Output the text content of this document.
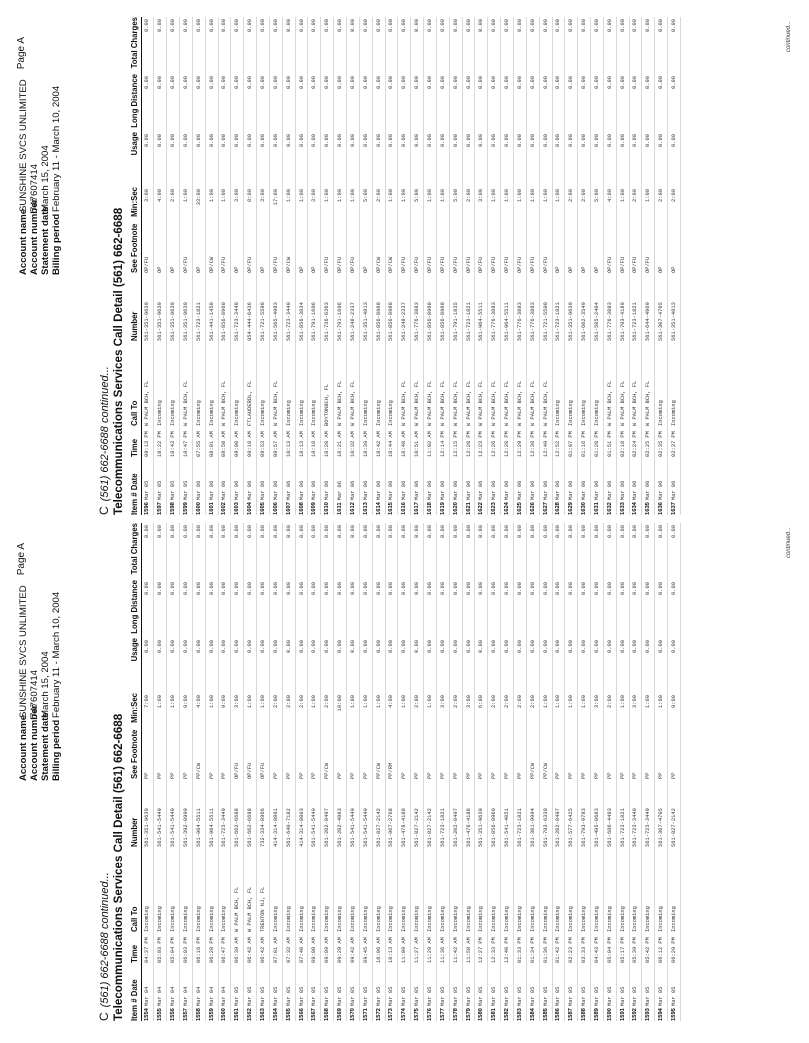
Account name
SUNSHINE SVCS UNLIMITED
Account number
747607414
Statement date
March 15, 2004
Billing period
February 11 - March 10, 2004
Page A
C(561) 662-6688 continued... Telecommunications Services Call Detail (561) 662-6688 Item # Date	Time	Call To	Number	See Footnote	Min:Sec	Usage	Long Distance	Total Charges
1554Mar 04	04:37 PM	Incoming	561-351-9639	PP	7:00	0.00	0.00	0.00
1555Mar 04	05:03 PM	Incoming	561-541-5449	PP	1:00	0.00	0.00	0.00
1556Mar 04	05:04 PM	Incoming	561-541-5449	PP	1:00	0.00	0.00	0.00
1557Mar 04	06:03 PM	Incoming	561-392-8999	PP	9:00	0.00	0.00	0.00
1558Mar 04	06:16 PM	Incoming	561-964-5511	PP/CW	4:00	0.00	0.00	0.00
1559Mar 04	06:20 PM	Incoming	561-964-5511	PP	1:00	0.00	0.00	0.00
1560Mar 04	06:47 PM	Incoming	561-723-3440	PP	9:00	0.00	0.00	0.00
1561Mar 05	06:39 AM	W PALM BCH, FL	561-662-6688	OP/FU	3:00	0.00	0.00	0.00
1562Mar 05	06:42 AM	W PALM BCH, FL	561-662-6688	OP/FU	1:00	0.00	0.00	0.00
1563Mar 05	06:42 AM	TRENTON NJ, FL	732-334-8966	OP/FU	1:00	0.00	0.00	0.00
1564Mar 05	07:01 AM	Incoming	414-314-8001	PP	2:00	0.00	0.00	0.00
1565Mar 05	07:32 AM	Incoming	561-640-7182	PP	2:00	0.00	0.00	0.00
1566Mar 05	07:40 AM	Incoming	414-314-8003	PP	2:00	0.00	0.00	0.00
1567Mar 05	09:08 AM	Incoming	561-541-5449	PP	1:00	0.00	0.00	0.00
1568Mar 05	09:09 AM	Incoming	561-202-8497	PP/CW	2:00	0.00	0.00	0.00
1569Mar 05	09:29 AM	Incoming	561-202-4983	PP	10:00	0.00	0.00	0.00
1570Mar 05	09:42 AM	Incoming	561-541-5449	PP	1:00	0.00	0.00	0.00
1571Mar 05	09:45 AM	Incoming	561-541-5449	PP	1:00	0.00	0.00	0.00
1572Mar 05	10:06 AM	Incoming	561-827-2142	PP/CW	1:00	0.00	0.00	0.00
1573Mar 05	10:13 AM	Incoming	561-967-2768	PP/RM	4:00	0.00	0.00	0.00
1574Mar 05	11:09 AM	Incoming	561-478-4188	PP	1:00	0.00	0.00	0.00
1575Mar 05	11:27 AM	Incoming	561-827-2142	PP	2:00	0.00	0.00	0.00
1576Mar 05	11:29 AM	Incoming	561-827-2142	PP	1:00	0.00	0.00	0.00
1577Mar 05	11:36 AM	Incoming	561-723-1821	PP	3:00	0.00	0.00	0.00
1578Mar 05	11:42 AM	Incoming	561-202-8497	PP	2:00	0.00	0.00	0.00
1579Mar 05	11:58 AM	Incoming	561-478-4188	PP	3:00	0.00	0.00	0.00
1580Mar 05	12:27 PM	Incoming	561-351-9639	PP	6:00	0.00	0.00	0.00
1581Mar 05	12:33 PM	Incoming	561-856-8960	PP	2:00	0.00	0.00	0.00
1582Mar 05	12:40 PM	Incoming	561-541-4051	PP	2:00	0.00	0.00	0.00
1583Mar 05	01:33 PM	Incoming	561-723-1821	PP	2:00	0.00	0.00	0.00
1584Mar 05	01:34 PM	Incoming	561-301-9994	PP/CW	2:00	0.00	0.00	0.00
1585Mar 05	01:36 PM	Incoming	561-793-6330	PP/CW	1:00	0.00	0.00	0.00
1586Mar 05	01:42 PM	Incoming	561-202-8497	PP	1:00	0.00	0.00	0.00
1587Mar 05	02:23 PM	Incoming	561-577-6425	PP	1:00	0.00	0.00	0.00
1588Mar 05	03:33 PM	Incoming	561-793-9783	PP	1:00	0.00	0.00	0.00
1589Mar 05	04:43 PM	Incoming	561-495-0683	PP	3:00	0.00	0.00	0.00
1590Mar 05	05:04 PM	Incoming	561-686-4493	PP	2:00	0.00	0.00	0.00
1591Mar 05	05:17 PM	Incoming	561-723-1821	PP	1:00	0.00	0.00	0.00
1592Mar 05	05:39 PM	Incoming	561-723-3440	PP	3:00	0.00	0.00	0.00
1593Mar 05	05:42 PM	Incoming	561-723-3440	PP	1:00	0.00	0.00	0.00
1594Mar 05	06:12 PM	Incoming	561-307-4705	PP	1:00	0.00	0.00	0.00
1595Mar 05	06:29 PM	Incoming	561-827-2142	PP	9:00	0.00	0.00	0.00	continued...
Account name
SUNSHINE SVCS UNLIMITED
Account number
747607414
Statement date
March 15, 2004
Billing period
February 11 - March 10, 2004
Page A
C(561) 662-6688 continued... Telecommunications Services Call Detail (561) 662-6688 Item # Date	Time	Call To	Number	See Footnote	Min:Sec	Usage	Long Distance	Total Charges
1596Mar 05	09:13 PM	W PALM BCH, FL	561-351-9639	OP/FU	3:00	0.00	0.00	0.00
1597Mar 05	10:22 PM	Incoming	561-351-9639	OP	4:00	0.00	0.00	0.00
1598Mar 05	10:43 PM	Incoming	561-351-9639	OP	2:00	0.00	0.00	0.00
1599Mar 05	10:47 PM	W PALM BCH, FL	561-351-9639	OP/FU	1:00	0.00	0.00	0.00
1600Mar 06	07:55 AM	Incoming	561-723-1821	OP	33:00	0.00	0.00	0.00
1601Mar 06	08:01 AM	Incoming	561-441-1450	OP/CW	1:00	0.00	0.00	0.00
1602Mar 06	08:50 AM	W PALM BCH, FL	561-856-8960	OP/FU	1:00	0.00	0.00	0.00
1603Mar 06	09:00 AM	Incoming	561-723-3440	OP	3:00	0.00	0.00	0.00
1604Mar 06	09:10 AM	FTLAUDERDL, FL	954-444-6436	OP/FU	8:00	0.00	0.00	0.00
1605Mar 06	09:53 AM	Incoming	561-721-5590	OP	3:00	0.00	0.00	0.00
1606Mar 06	09:57 AM	W PALM BCH, FL	561-565-4983	OP/FU	17:00	0.00	0.00	0.00
1607Mar 06	10:13 AM	Incoming	561-723-3440	OP/CW	1:00	0.00	0.00	0.00
1608Mar 06	10:13 AM	Incoming	561-856-3834	OP	1:00	0.00	0.00	0.00
1609Mar 06	10:18 AM	Incoming	561-791-1696	OP	3:00	0.00	0.00	0.00
1610Mar 06	10:20 AM	BOYTONBCH, FL	561-736-6363	OP/FU	1:00	0.00	0.00	0.00
1611Mar 06	10:21 AM	W PALM BCH, FL	561-791-1696	OP/FU	1:00	0.00	0.00	0.00
1612Mar 06	10:32 AM	W PALM BCH, FL	561-248-2337	OP/FU	1:00	0.00	0.00	0.00
1613Mar 06	10:39 AM	Incoming	561-351-4813	OP	5:00	0.00	0.00	0.00
1614Mar 06	10:42 AM	Incoming	561-856-8960	OP/CW	2:00	0.00	0.00	0.00
1615Mar 06	10:44 AM	Incoming	561-856-8960	OP/CW	1:00	0.00	0.00	0.00
1616Mar 06	10:48 AM	W PALM BCH, FL	561-248-2337	OP/FU	1:00	0.00	0.00	0.00
1617Mar 06	10:51 AM	W PALM BCH, FL	561-776-3883	OP/FU	5:00	0.00	0.00	0.00
1618Mar 06	11:02 AM	W PALM BCH, FL	561-856-8960	OP/FU	1:00	0.00	0.00	0.00
1619Mar 06	12:14 PM	W PALM BCH, FL	561-856-8960	OP/FU	1:00	0.00	0.00	0.00
1620Mar 06	12:15 PM	W PALM BCH, FL	561-791-1835	OP/FU	5:00	0.00	0.00	0.00
1621Mar 06	12:20 PM	W PALM BCH, FL	561-723-1821	OP/FU	2:00	0.00	0.00	0.00
1622Mar 06	12:23 PM	W PALM BCH, FL	561-964-5511	OP/FU	3:00	0.00	0.00	0.00
1623Mar 06	12:26 PM	W PALM BCH, FL	561-776-3883	OP/FU	1:00	0.00	0.00	0.00
1624Mar 06	12:28 PM	W PALM BCH, FL	561-964-5511	OP/FU	1:00	0.00	0.00	0.00
1625Mar 06	12:29 PM	W PALM BCH, FL	561-776-3883	OP/FU	1:00	0.00	0.00	0.00
1626Mar 06	12:30 PM	W PALM BCH, FL	561-776-3883	OP/FU	1:00	0.00	0.00	0.00
1627Mar 06	12:49 PM	W PALM BCH, FL	561-721-5590	OP/FU	1:00	0.00	0.00	0.00
1628Mar 06	12:52 PM	Incoming	561-723-1821	OP	1:00	0.00	0.00	0.00
1629Mar 06	01:07 PM	Incoming	561-351-9639	OP	2:00	0.00	0.00	0.00
1630Mar 06	01:16 PM	Incoming	561-602-3549	OP	2:00	0.00	0.00	0.00
1631Mar 06	01:28 PM	Incoming	561-585-2404	OP	5:00	0.00	0.00	0.00
1632Mar 06	01:51 PM	W PALM BCH, FL	561-776-3883	OP/FU	4:00	0.00	0.00	0.00
1633Mar 06	02:18 PM	W PALM BCH, FL	561-793-4189	OP/FU	1:00	0.00	0.00	0.00
1634Mar 06	02:24 PM	W PALM BCH, FL	561-723-1821	OP/FU	2:00	0.00	0.00	0.00
1635Mar 06	02:25 PM	W PALM BCH, FL	561-644-4969	OP/FU	1:00	0.00	0.00	0.00
1636Mar 06	02:35 PM	Incoming	561-307-4705	OP	2:00	0.00	0.00	0.00
1637Mar 06	02:37 PM	Incoming	561-351-4813	OP	2:00	0.00	0.00	0.00	continued...
